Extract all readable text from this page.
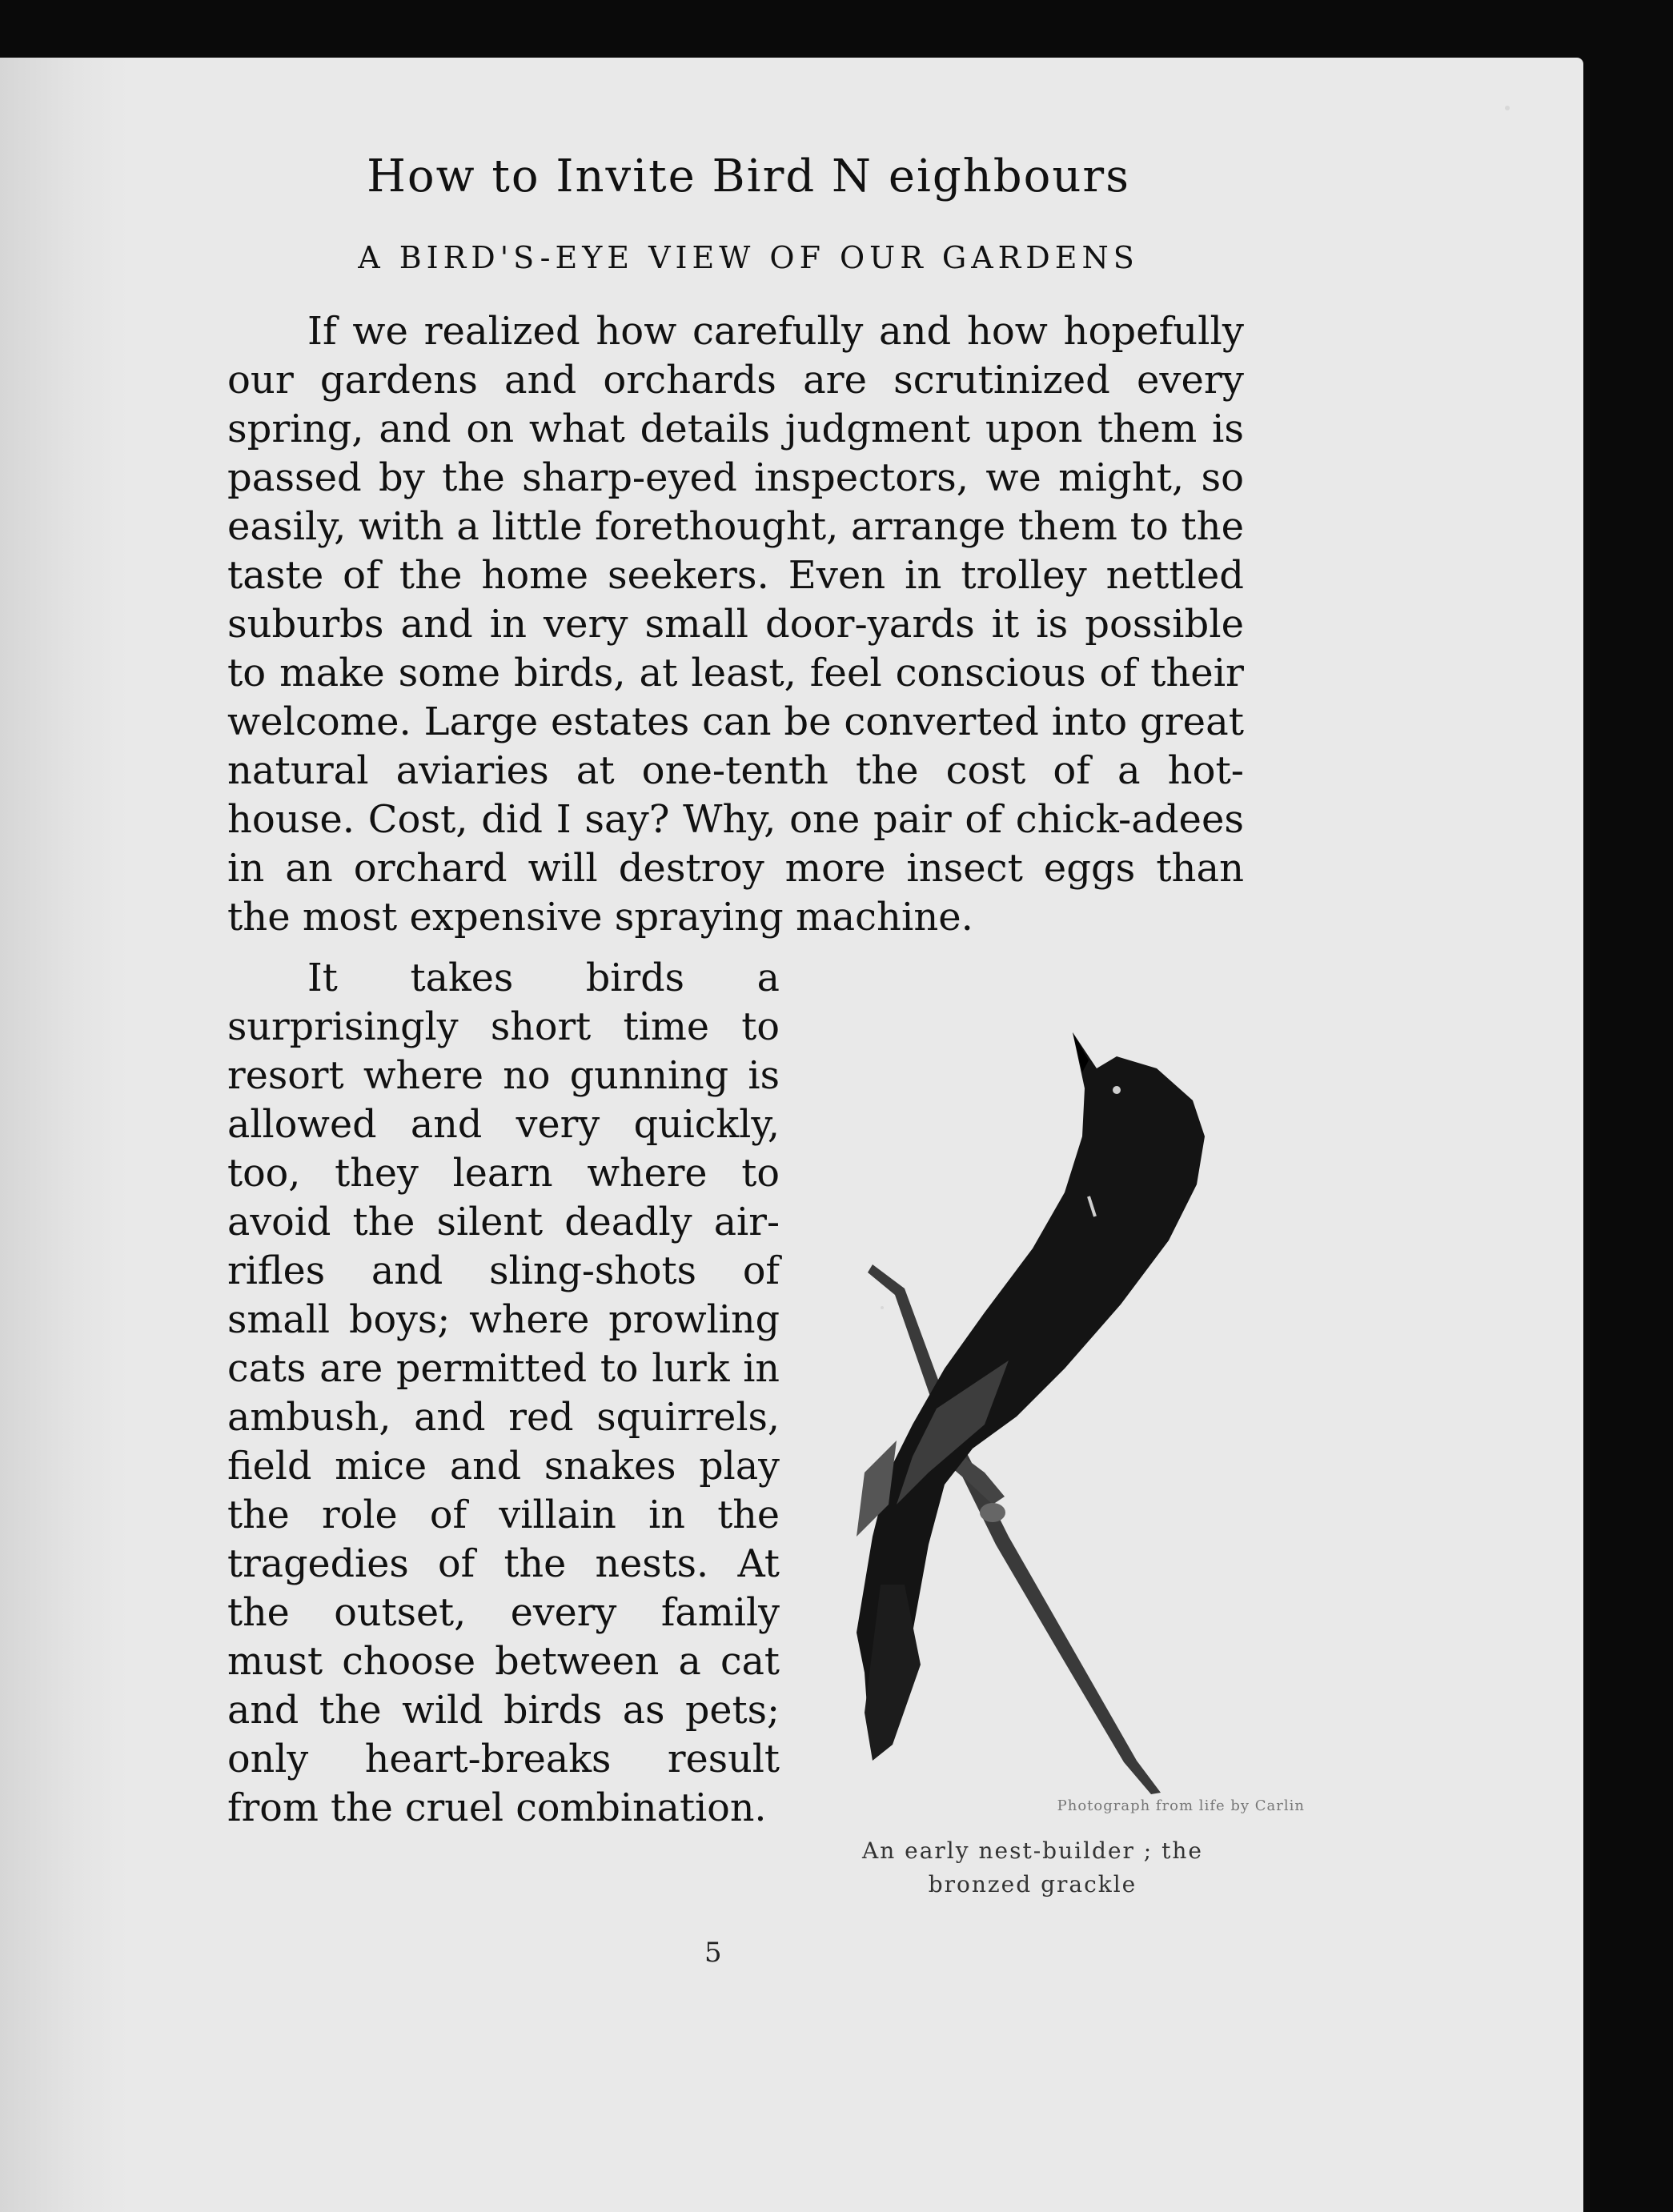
How to Invite Bird N eighbours
A BIRD'S-EYE VIEW OF OUR GARDENS
If we realized how carefully and how hopefully our gardens and orchards are scrutinized every spring, and on what details judgment upon them is passed by the sharp-eyed inspectors, we might, so easily, with a little forethought, arrange them to the taste of the home seekers. Even in trolley nettled suburbs and in very small door-yards it is possible to make some birds, at least, feel conscious of their welcome. Large estates can be converted into great natural aviaries at one-tenth the cost of a hot-house. Cost, did I say? Why, one pair of chick-adees in an orchard will destroy more insect eggs than the most expensive spraying machine.
It takes birds a surprisingly short time to resort where no gunning is allowed and very quickly, too, they learn where to avoid the silent deadly air-rifles and sling-shots of small boys; where prowling cats are permitted to lurk in ambush, and red squirrels, field mice and snakes play the role of villain in the tragedies of the nests. At the outset, every family must choose between a cat and the wild birds as pets; only heart-breaks result from the cruel combination.	Photograph from life by Carlin
An early nest-builder ; the bronzed grackle
5
